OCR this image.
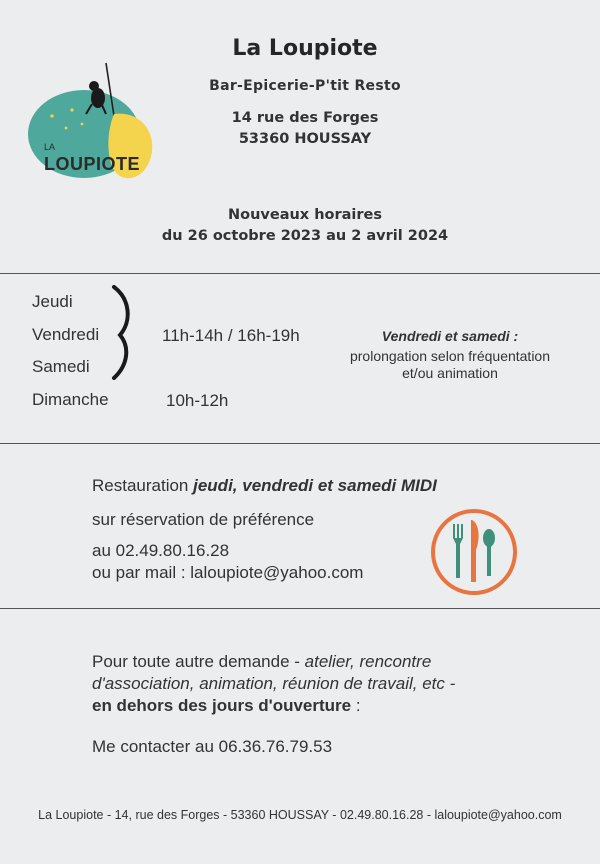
LA
LOUPIOTE
La Loupiote
Bar-Epicerie-P'tit Resto
14 rue des Forges
53360 HOUSSAY
Nouveaux horaires
du 26 octobre 2023 au 2 avril 2024
Jeudi
Vendredi
Samedi
Dimanche
11h-14h / 16h-19h
10h-12h
Vendredi et samedi :
prolongation selon fréquentation
et/ou animation
Restauration jeudi, vendredi et samedi MIDI
sur réservation de préférence
au 02.49.80.16.28
ou par mail : laloupiote@yahoo.com
Pour toute autre demande - atelier, rencontre
d'association, animation, réunion de travail, etc -
en dehors des jours d'ouverture :
Me contacter au 06.36.76.79.53
La Loupiote - 14, rue des Forges - 53360 HOUSSAY - 02.49.80.16.28 - laloupiote@yahoo.com
